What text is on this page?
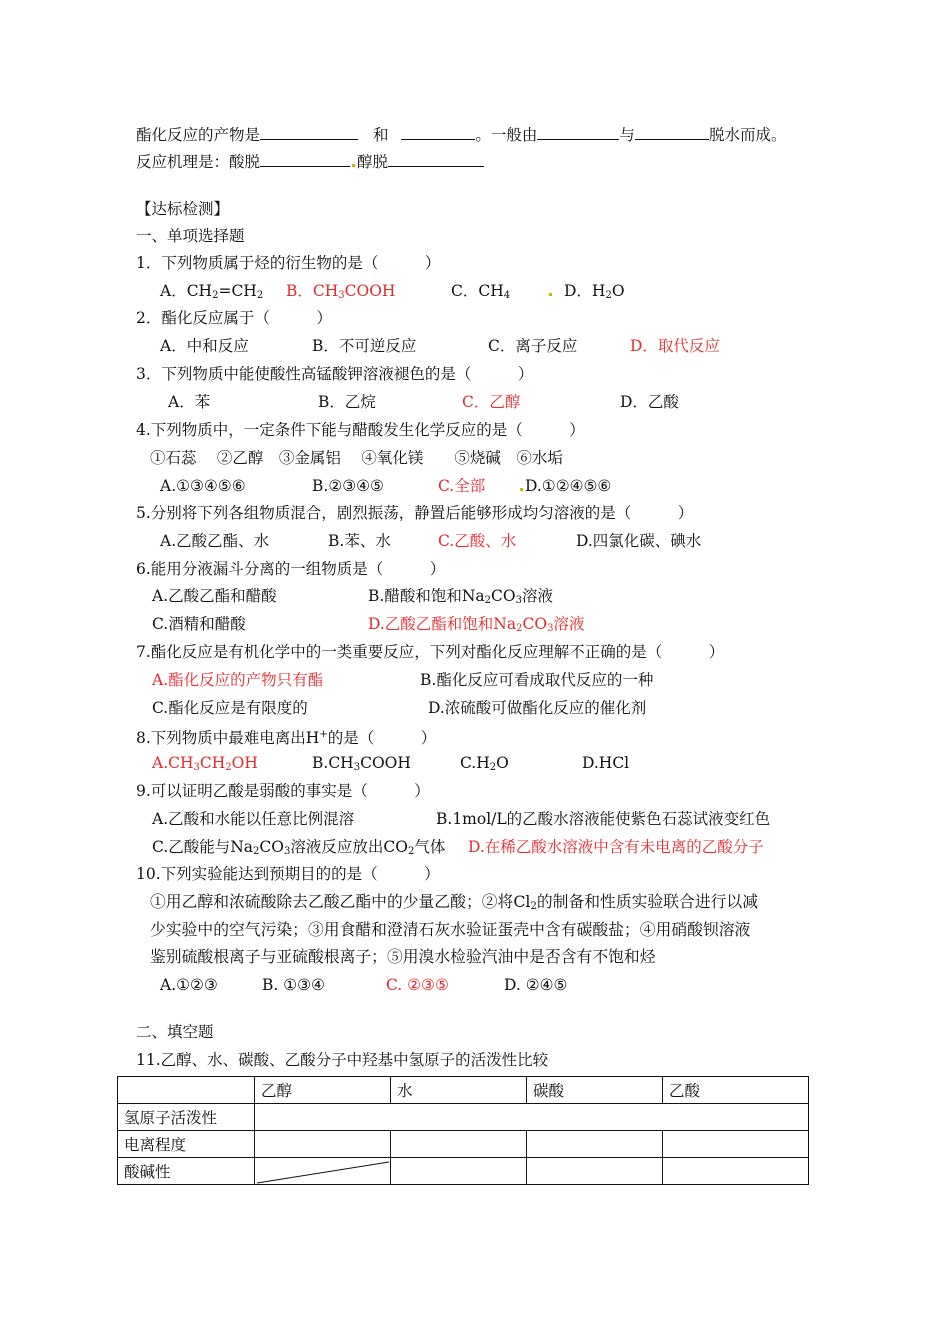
酯化反应的产物是	和	。一般由	与	脱水而成。
反应机理是：酸脱	醇脱
【达标检测】
一、单项选择题
1．下列物质属于烃的衍生物的是（　　　）
A．$CH_2=CH_2$ B．$CH_3COOH$	C．$CH_4$	D．$H_2O$
2．酯化反应属于（　　　）
A．中和反应	B．不可逆反应	C．离子反应	D．取代反应
3．下列物质中能使酸性高锰酸钾溶液褪色的是（　　　）
A．苯	B．乙烷	C．乙醇	D．乙酸
4.下列物质中，一定条件下能与醋酸发生化学反应的是（　　　）
①石蕊　 ②乙醇　③金属铝　 ④氧化镁　　⑤烧碱　⑥水垢
A.①③④⑤⑥	B.②③④⑤	C.全部	D.①②④⑤⑥
5.分别将下列各组物质混合，剧烈振荡，静置后能够形成均匀溶液的是（　　　）
A.乙酸乙酯、水	B.苯、水	C.乙酸、水	D.四氯化碳、碘水
6.能用分液漏斗分离的一组物质是（　　　）
A.乙酸乙酯和醋酸	B.醋酸和饱和$Na_2CO_3$溶液
C.酒精和醋酸	D.乙酸乙酯和饱和$Na_2CO_3$溶液
7.酯化反应是有机化学中的一类重要反应，下列对酯化反应理解不正确的是（　　　）
A.酯化反应的产物只有酯	B.酯化反应可看成取代反应的一种
C.酯化反应是有限度的	D.浓硫酸可做酯化反应的催化剂
8.下列物质中最难电离出H+的是（　　　）
$A.CH_3CH_2OH$	$B.CH_3COOH$	$C.H_2O$	D.HCl
9.可以证明乙酸是弱酸的事实是（　　　）
A.乙酸和水能以任意比例混溶	B.1mol/L的乙酸水溶液能使紫色石蕊试液变红色
C.乙酸能与$Na_2CO_3$溶液反应放出$CO_2$气体 D.在稀乙酸水溶液中含有未电离的乙酸分子
10.下列实验能达到预期目的的是（　　　）
①用乙醇和浓硫酸除去乙酸乙酯中的少量乙酸；②将$Cl_2$的制备和性质实验联合进行以减
少实验中的空气污染；③用食醋和澄清石灰水验证蛋壳中含有碳酸盐；④用硝酸钡溶液
鉴别硫酸根离子与亚硫酸根离子；⑤用溴水检验汽油中是否含有不饱和烃
A.①②③	B. ①③④	C. ②③⑤	D. ②④⑤
二、填空题
11.乙醇、水、碳酸、乙酸分子中羟基中氢原子的活泼性比较
	乙醇	水	碳酸	乙酸
氢原子活泼性				
电离程度				
酸碱性	
